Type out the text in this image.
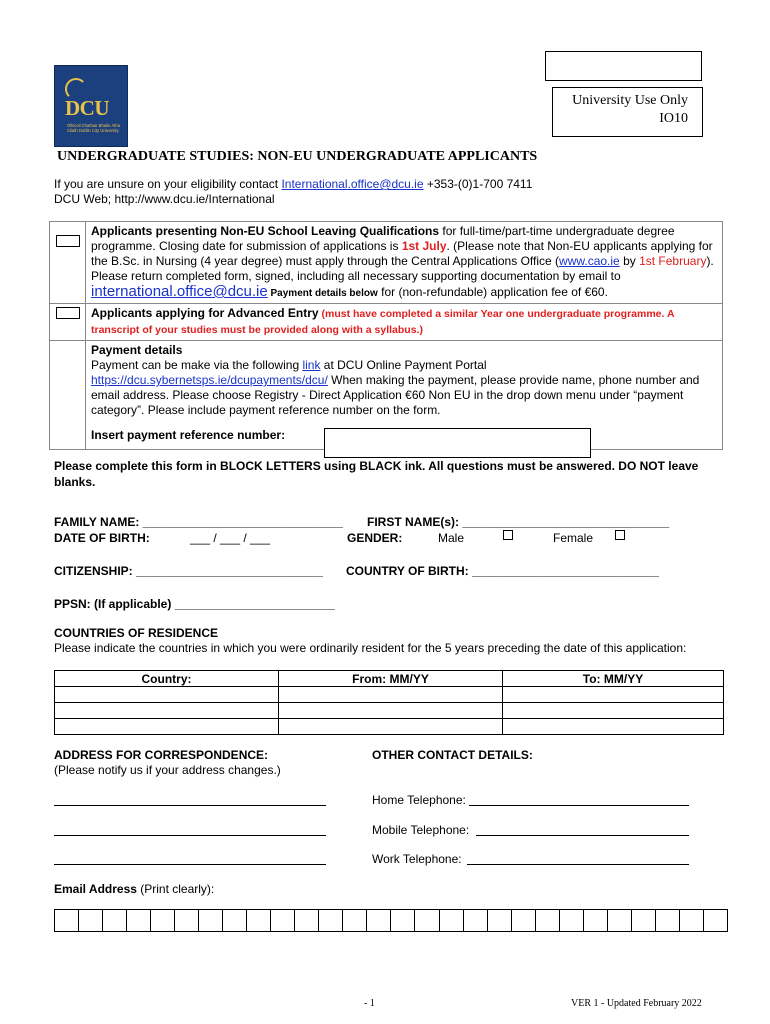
DCU
Ollscoil Chathair Bhaile Átha Cliath Dublin City University
University Use Only
IO10
UNDERGRADUATE STUDIES: NON-EU UNDERGRADUATE APPLICANTS
If you are unsure on your eligibility contact International.office@dcu.ie +353-(0)1-700 7411
DCU Web; http://www.dcu.ie/International
	Applicants presenting Non-EU School Leaving Qualifications for full-time/part-time undergraduate degree programme. Closing date for submission of applications is 1st July. (Please note that Non-EU applicants applying for the B.Sc. in Nursing (4 year degree) must apply through the Central Applications Office (www.cao.ie by 1st February). Please return completed form, signed, including all necessary supporting documentation by email to international.office@dcu.ie Payment details below for (non-refundable) application fee of €60.

	Applicants applying for Advanced Entry (must have completed a similar Year one undergraduate programme. A transcript of your studies must be provided along with a syllabus.)

	Payment details
Payment can be make via the following link at DCU Online Payment Portal
https://dcu.sybernetsps.ie/dcupayments/dcu/ When making the payment, please provide name, phone number and email address. Please choose Registry - Direct Application €60 Non EU in the drop down menu under “payment category”. Please include payment reference number on the form.
Insert payment reference number:
Please complete this form in BLOCK LETTERS using BLACK ink. All questions must be answered. DO NOT leave blanks.
FAMILY NAME: ______________________________ FIRST NAME(s): _______________________________
DATE OF BIRTH:	___ / ___ / ___	GENDER:	Male	Female
CITIZENSHIP: ____________________________ COUNTRY OF BIRTH: ____________________________
PPSN: (If applicable) ________________________
COUNTRIES OF RESIDENCE
Please indicate the countries in which you were ordinarily resident for the 5 years preceding the date of this application:
Country:	From: MM/YY	To: MM/YY

ADDRESS FOR CORRESPONDENCE:
(Please notify us if your address changes.)
OTHER CONTACT DETAILS:
Home Telephone:
Mobile Telephone:
Work Telephone:
Email Address (Print clearly):
- 1	VER 1 - Updated February 2022
